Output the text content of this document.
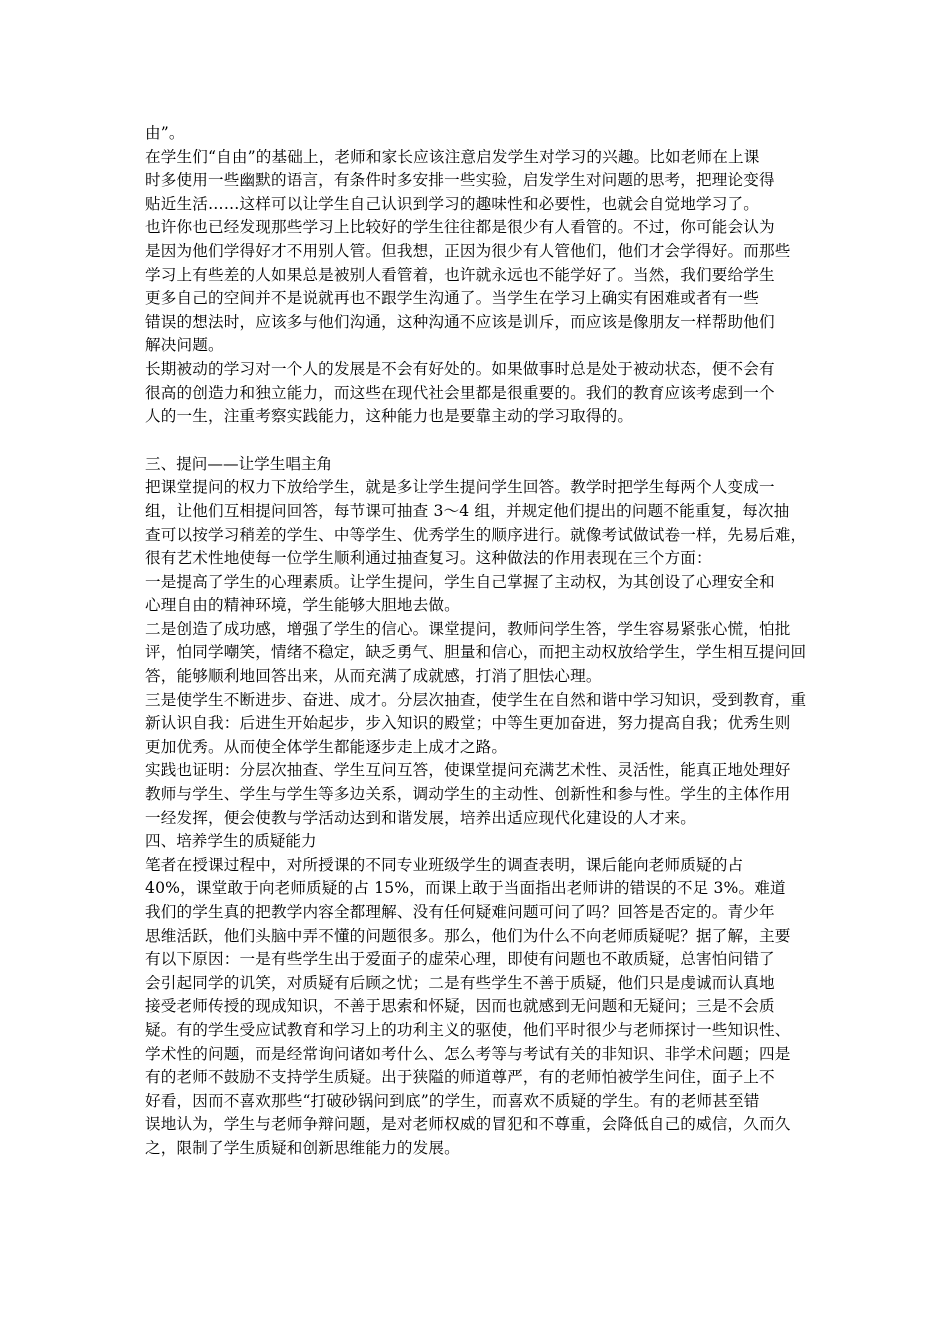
由”。
在学生们“自由”的基础上，老师和家长应该注意启发学生对学习的兴趣。比如老师在上课
时多使用一些幽默的语言，有条件时多安排一些实验，启发学生对问题的思考，把理论变得
贴近生活……这样可以让学生自己认识到学习的趣味性和必要性，也就会自觉地学习了。
也许你也已经发现那些学习上比较好的学生往往都是很少有人看管的。不过，你可能会认为
是因为他们学得好才不用别人管。但我想，正因为很少有人管他们，他们才会学得好。而那些
学习上有些差的人如果总是被别人看管着，也许就永远也不能学好了。当然，我们要给学生
更多自己的空间并不是说就再也不跟学生沟通了。当学生在学习上确实有困难或者有一些
错误的想法时，应该多与他们沟通，这种沟通不应该是训斥，而应该是像朋友一样帮助他们
解决问题。
长期被动的学习对一个人的发展是不会有好处的。如果做事时总是处于被动状态，便不会有
很高的创造力和独立能力，而这些在现代社会里都是很重要的。我们的教育应该考虑到一个
人的一生，注重考察实践能力，这种能力也是要靠主动的学习取得的。
三、提问——让学生唱主角
把课堂提问的权力下放给学生，就是多让学生提问学生回答。教学时把学生每两个人变成一
组，让他们互相提问回答，每节课可抽查 3～4 组，并规定他们提出的问题不能重复，每次抽
查可以按学习稍差的学生、中等学生、优秀学生的顺序进行。就像考试做试卷一样，先易后难，
很有艺术性地使每一位学生顺利通过抽查复习。这种做法的作用表现在三个方面：
一是提高了学生的心理素质。让学生提问，学生自己掌握了主动权，为其创设了心理安全和
心理自由的精神环境，学生能够大胆地去做。
二是创造了成功感，增强了学生的信心。课堂提问，教师问学生答，学生容易紧张心慌，怕批
评，怕同学嘲笑，情绪不稳定，缺乏勇气、胆量和信心，而把主动权放给学生，学生相互提问回
答，能够顺利地回答出来，从而充满了成就感，打消了胆怯心理。
三是使学生不断进步、奋进、成才。分层次抽查，使学生在自然和谐中学习知识，受到教育，重
新认识自我：后进生开始起步，步入知识的殿堂；中等生更加奋进，努力提高自我；优秀生则
更加优秀。从而使全体学生都能逐步走上成才之路。
实践也证明：分层次抽查、学生互问互答，使课堂提问充满艺术性、灵活性，能真正地处理好
教师与学生、学生与学生等多边关系，调动学生的主动性、创新性和参与性。学生的主体作用
一经发挥，便会使教与学活动达到和谐发展，培养出适应现代化建设的人才来。
四、培养学生的质疑能力
笔者在授课过程中，对所授课的不同专业班级学生的调查表明，课后能向老师质疑的占
40%，课堂敢于向老师质疑的占 15%，而课上敢于当面指出老师讲的错误的不足 3%。难道
我们的学生真的把教学内容全都理解、没有任何疑难问题可问了吗？回答是否定的。青少年
思维活跃，他们头脑中弄不懂的问题很多。那么，他们为什么不向老师质疑呢？据了解，主要
有以下原因：一是有些学生出于爱面子的虚荣心理，即使有问题也不敢质疑，总害怕问错了
会引起同学的讥笑，对质疑有后顾之忧；二是有些学生不善于质疑，他们只是虔诚而认真地
接受老师传授的现成知识，不善于思索和怀疑，因而也就感到无问题和无疑问；三是不会质
疑。有的学生受应试教育和学习上的功利主义的驱使，他们平时很少与老师探讨一些知识性、
学术性的问题，而是经常询问诸如考什么、怎么考等与考试有关的非知识、非学术问题；四是
有的老师不鼓励不支持学生质疑。出于狭隘的师道尊严，有的老师怕被学生问住，面子上不
好看，因而不喜欢那些“打破砂锅问到底”的学生，而喜欢不质疑的学生。有的老师甚至错
误地认为，学生与老师争辩问题，是对老师权威的冒犯和不尊重，会降低自己的威信，久而久
之，限制了学生质疑和创新思维能力的发展。
